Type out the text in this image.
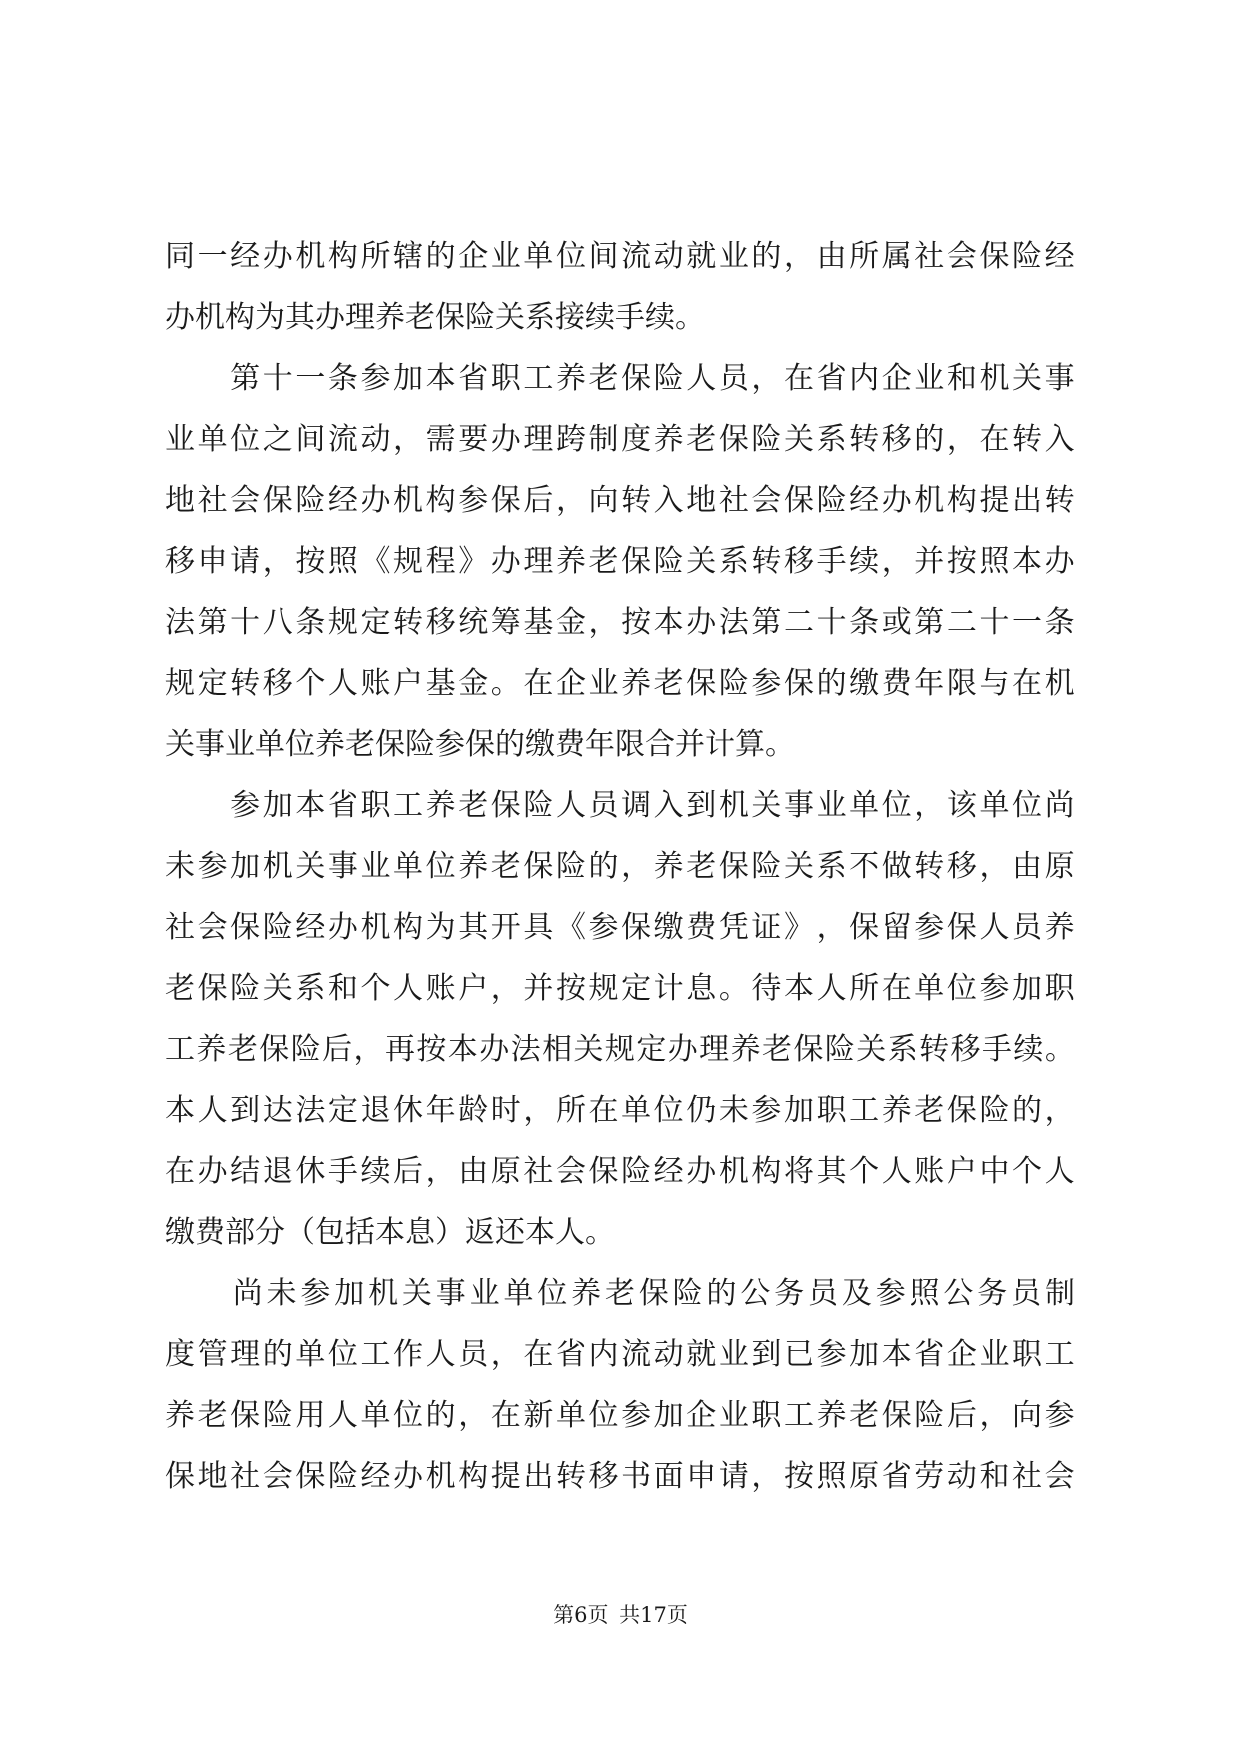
同 一 经 办 机 构 所 辖 的 企 业 单 位 间 流 动 就 业 的 ， 由 所 属 社 会 保 险 经
办 机 构 为 其 办 理 养 老 保 险 关 系 接 续 手 续 。

第 十 一 条 参 加 本 省 职 工 养 老 保 险 人 员 ， 在 省 内 企 业 和 机 关 事
业 单 位 之 间 流 动 ， 需 要 办 理 跨 制 度 养 老 保 险 关 系 转 移 的 ， 在 转 入
地 社 会 保 险 经 办 机 构 参 保 后 ， 向 转 入 地 社 会 保 险 经 办 机 构 提 出 转
移 申 请 ， 按 照 《 规 程 》 办 理 养 老 保 险 关 系 转 移 手 续 ， 并 按 照 本 办
法 第 十 八 条 规 定 转 移 统 筹 基 金 ， 按 本 办 法 第 二 十 条 或 第 二 十 一 条
规 定 转 移 个 人 账 户 基 金 。 在 企 业 养 老 保 险 参 保 的 缴 费 年 限 与 在 机
关 事 业 单 位 养 老 保 险 参 保 的 缴 费 年 限 合 并 计 算 。

参 加 本 省 职 工 养 老 保 险 人 员 调 入 到 机 关 事 业 单 位 ， 该 单 位 尚
未 参 加 机 关 事 业 单 位 养 老 保 险 的 ， 养 老 保 险 关 系 不 做 转 移 ， 由 原
社 会 保 险 经 办 机 构 为 其 开 具 《 参 保 缴 费 凭 证 》 ， 保 留 参 保 人 员 养
老 保 险 关 系 和 个 人 账 户 ， 并 按 规 定 计 息 。 待 本 人 所 在 单 位 参 加 职
工 养 老 保 险 后 ， 再 按 本 办 法 相 关 规 定 办 理 养 老 保 险 关 系 转 移 手 续 。
本 人 到 达 法 定 退 休 年 龄 时 ， 所 在 单 位 仍 未 参 加 职 工 养 老 保 险 的 ，
在 办 结 退 休 手 续 后 ， 由 原 社 会 保 险 经 办 机 构 将 其 个 人 账 户 中 个 人
缴 费 部 分 （ 包 括 本 息 ） 返 还 本 人 。

尚 未 参 加 机 关 事 业 单 位 养 老 保 险 的 公 务 员 及 参 照 公 务 员 制
度 管 理 的 单 位 工 作 人 员 ， 在 省 内 流 动 就 业 到 已 参 加 本 省 企 业 职 工
养 老 保 险 用 人 单 位 的 ， 在 新 单 位 参 加 企 业 职 工 养 老 保 险 后 ， 向 参
保 地 社 会 保 险 经 办 机 构 提 出 转 移 书 面 申 请 ， 按 照 原 省 劳 动 和 社 会
第6页 共17页
